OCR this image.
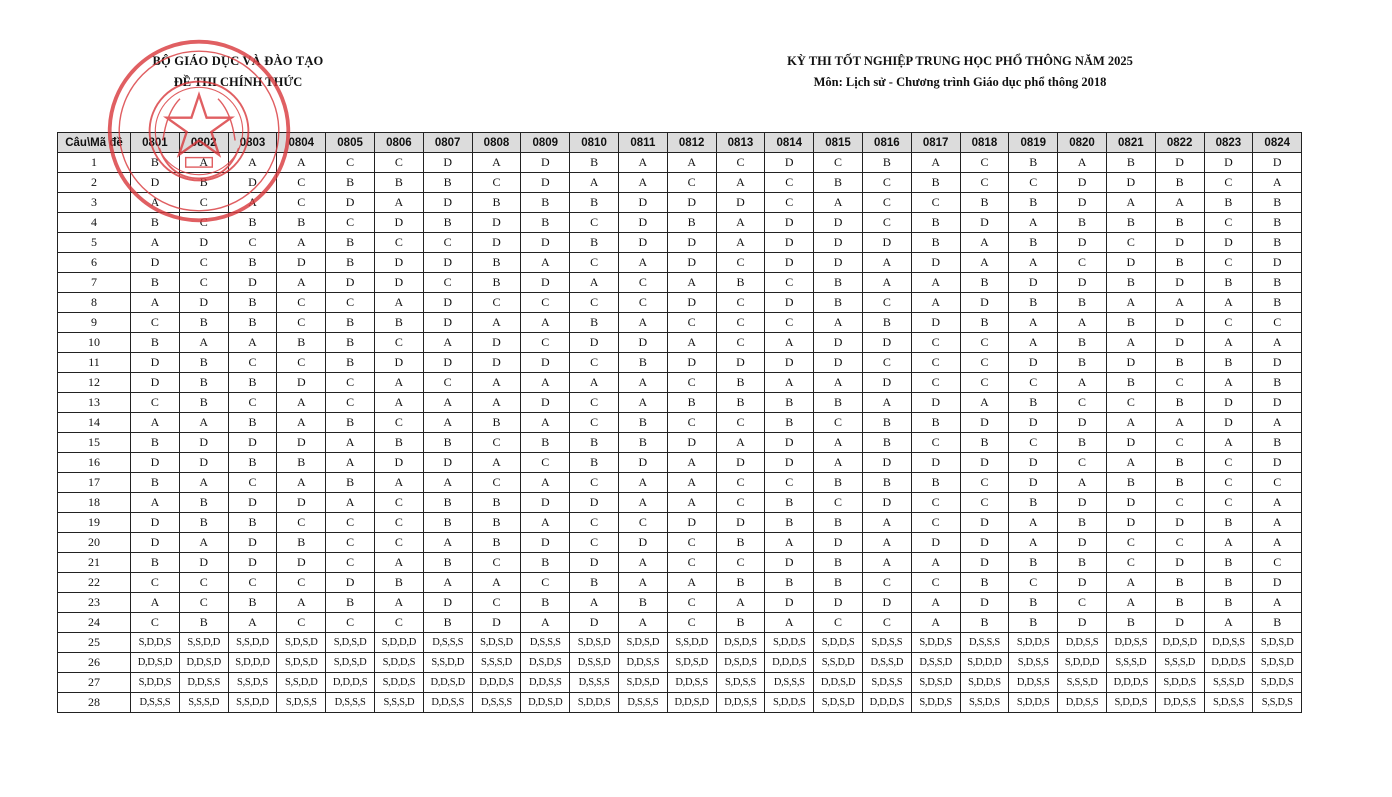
BỘ GIÁO DỤC VÀ ĐÀO TẠO
ĐỀ THI CHÍNH THỨC
KỲ THI TỐT NGHIỆP TRUNG HỌC PHỔ THÔNG NĂM 2025
Môn: Lịch sử - Chương trình Giáo dục phổ thông 2018
Câu\Mã đề	0801	0802	0803	0804	0805	0806	0807	0808	0809	0810	0811	0812	0813	0814	0815	0816	0817	0818	0819	0820	0821	0822	0823	0824
1	B	A	A	A	C	C	D	A	D	B	A	A	C	D	C	B	A	C	B	A	B	D	D	D
2	D	B	D	C	B	B	B	C	D	A	A	C	A	C	B	C	B	C	C	D	D	B	C	A
3	A	C	A	C	D	A	D	B	B	B	D	D	D	C	A	C	C	B	B	D	A	A	B	B
4	B	C	B	B	C	D	B	D	B	C	D	B	A	D	D	C	B	D	A	B	B	B	C	B
5	A	D	C	A	B	C	C	D	D	B	D	D	A	D	D	D	B	A	B	D	C	D	D	B
6	D	C	B	D	B	D	D	B	A	C	A	D	C	D	D	A	D	A	A	C	D	B	C	D
7	B	C	D	A	D	D	C	B	D	A	C	A	B	C	B	A	A	B	D	D	B	D	B	B
8	A	D	B	C	C	A	D	C	C	C	C	D	C	D	B	C	A	D	B	B	A	A	A	B
9	C	B	B	C	B	B	D	A	A	B	A	C	C	C	A	B	D	B	A	A	B	D	C	C
10	B	A	A	B	B	C	A	D	C	D	D	A	C	A	D	D	C	C	A	B	A	D	A	A
11	D	B	C	C	B	D	D	D	D	C	B	D	D	D	D	C	C	C	D	B	D	B	B	D
12	D	B	B	D	C	A	C	A	A	A	A	C	B	A	A	D	C	C	C	A	B	C	A	B
13	C	B	C	A	C	A	A	A	D	C	A	B	B	B	B	A	D	A	B	C	C	B	D	D
14	A	A	B	A	B	C	A	B	A	C	B	C	C	B	C	B	B	D	D	D	A	A	D	A
15	B	D	D	D	A	B	B	C	B	B	B	D	A	D	A	B	C	B	C	B	D	C	A	B
16	D	D	B	B	A	D	D	A	C	B	D	A	D	D	A	D	D	D	D	C	A	B	C	D
17	B	A	C	A	B	A	A	C	A	C	A	A	C	C	B	B	B	C	D	A	B	B	C	C
18	A	B	D	D	A	C	B	B	D	D	A	A	C	B	C	D	C	C	B	D	D	C	C	A
19	D	B	B	C	C	C	B	B	A	C	C	D	D	B	B	A	C	D	A	B	D	D	B	A
20	D	A	D	B	C	C	A	B	D	C	D	C	B	A	D	A	D	D	A	D	C	C	A	A
21	B	D	D	D	C	A	B	C	B	D	A	C	C	D	B	A	A	D	B	B	C	D	B	C
22	C	C	C	C	D	B	A	A	C	B	A	A	B	B	B	C	C	B	C	D	A	B	B	D
23	A	C	B	A	B	A	D	C	B	A	B	C	A	D	D	D	A	D	B	C	A	B	B	A
24	C	B	A	C	C	C	B	D	A	D	A	C	B	A	C	C	A	B	B	D	B	D	A	B
25	S,D,D,S	S,S,D,D	S,S,D,D	S,D,S,D	S,D,S,D	S,D,D,D	D,S,S,S	S,D,S,D	D,S,S,S	S,D,S,D	S,D,S,D	S,S,D,D	D,S,D,S	S,D,D,S	S,D,D,S	S,D,S,S	S,D,D,S	D,S,S,S	S,D,D,S	D,D,S,S	D,D,S,S	D,D,S,D	D,D,S,S	S,D,S,D
26	D,D,S,D	D,D,S,D	S,D,D,D	S,D,S,D	S,D,S,D	S,D,D,S	S,S,D,D	S,S,S,D	D,S,D,S	D,S,S,D	D,D,S,S	S,D,S,D	D,S,D,S	D,D,D,S	S,S,D,D	D,S,S,D	D,S,S,D	S,D,D,D	S,D,S,S	S,D,D,D	S,S,S,D	S,S,S,D	D,D,D,S	S,D,S,D
27	S,D,D,S	D,D,S,S	S,S,D,S	S,S,D,D	D,D,D,S	S,D,D,S	D,D,S,D	D,D,D,S	D,D,S,S	D,S,S,S	S,D,S,D	D,D,S,S	S,D,S,S	D,S,S,S	D,D,S,D	S,D,S,S	S,D,S,D	S,D,D,S	D,D,S,S	S,S,S,D	D,D,D,S	S,D,D,S	S,S,S,D	S,D,D,S
28	D,S,S,S	S,S,S,D	S,S,D,D	S,D,S,S	D,S,S,S	S,S,S,D	D,D,S,S	D,S,S,S	D,D,S,D	S,D,D,S	D,S,S,S	D,D,S,D	D,D,S,S	S,D,D,S	S,D,S,D	D,D,D,S	S,D,D,S	S,S,D,S	S,D,D,S	D,D,S,S	S,D,D,S	D,D,S,S	S,D,S,S	S,S,D,S
